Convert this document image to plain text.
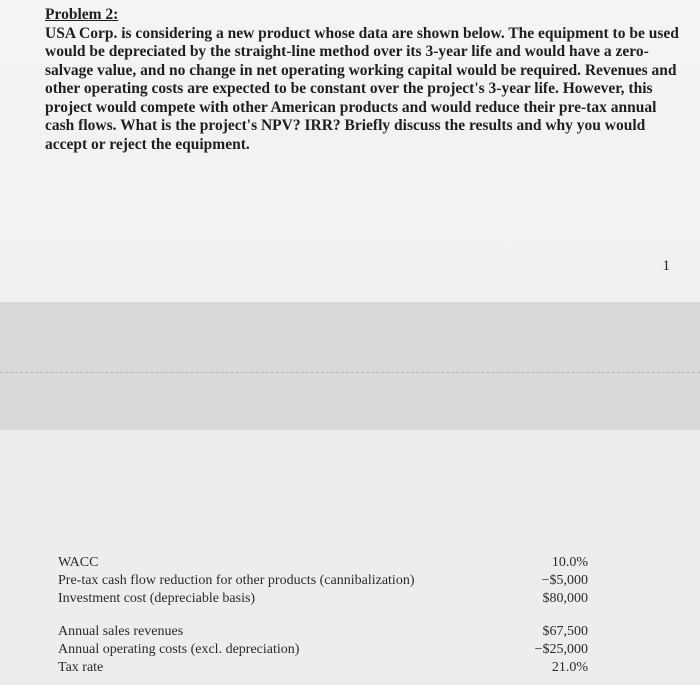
Problem 2:
USA Corp. is considering a new product whose data are shown below. The equipment to be used would be depreciated by the straight-line method over its 3-year life and would have a zero-salvage value, and no change in net operating working capital would be required. Revenues and other operating costs are expected to be constant over the project's 3-year life. However, this project would compete with other American products and would reduce their pre-tax annual cash flows. What is the project's NPV? IRR? Briefly discuss the results and why you would accept or reject the equipment.
1
WACC	10.0%
Pre-tax cash flow reduction for other products (cannibalization)	−$5,000
Investment cost (depreciable basis)	$80,000
Annual sales revenues	$67,500
Annual operating costs (excl. depreciation)	−$25,000
Tax rate	21.0%
